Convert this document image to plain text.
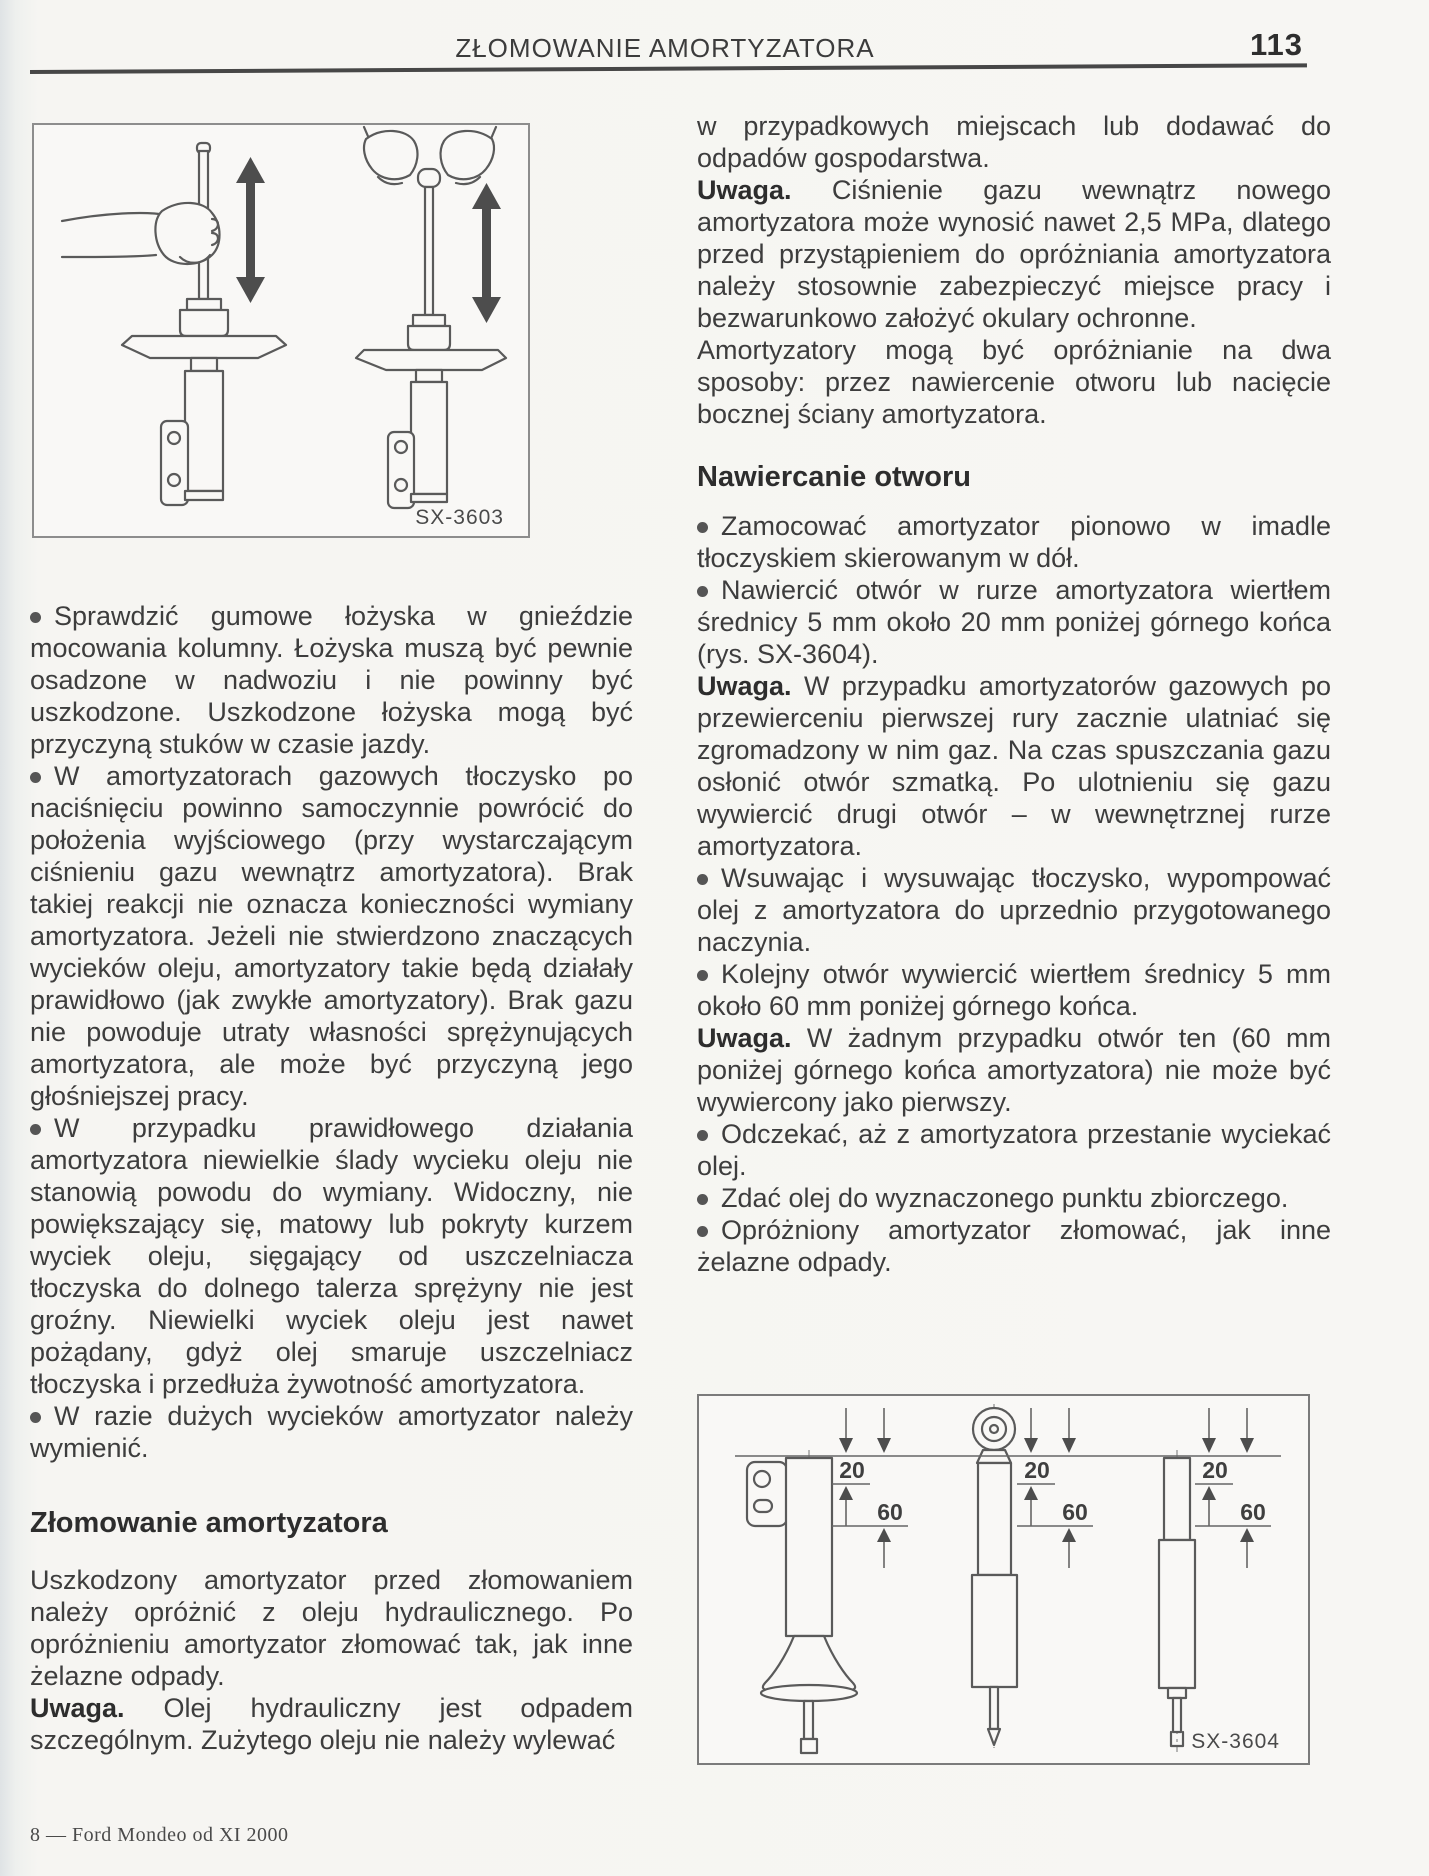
ZŁOMOWANIE AMORTYZATORA	113
SX-3603

Sprawdzić gumowe łożyska w gnieździe mocowania kolumny. Łożyska muszą być pewnie osadzone w nadwoziu i nie powinny być uszkodzone. Uszkodzone łożyska mogą być przyczyną stuków w czasie jazdy.

W amortyzatorach gazowych tłoczysko po naciśnięciu powinno samoczynnie powrócić do położenia wyjściowego (przy wystarczającym ciśnieniu gazu wewnątrz amortyzatora). Brak takiej reakcji nie oznacza konieczności wymiany amortyzatora. Jeżeli nie stwierdzono znaczących wycieków oleju, amortyzatory takie będą działały prawidłowo (jak zwykłe amortyzatory). Brak gazu nie powoduje utraty własności sprężynujących amortyzatora, ale może być przyczyną jego głośniejszej pracy.

W przypadku prawidłowego działania amortyzatora niewielkie ślady wycieku oleju nie stanowią powodu do wymiany. Widoczny, nie powiększający się, matowy lub pokryty kurzem wyciek oleju, sięgający od uszczelniacza tłoczyska do dolnego talerza sprężyny nie jest groźny. Niewielki wyciek oleju jest nawet pożądany, gdyż olej smaruje uszczelniacz tłoczyska i przedłuża żywotność amortyzatora.

W razie dużych wycieków amortyzator należy wymienić.

Złomowanie amortyzatora

Uszkodzony amortyzator przed złomowaniem należy opróżnić z oleju hydraulicznego. Po opróżnieniu amortyzator złomować tak, jak inne żelazne odpady.

Uwaga. Olej hydrauliczny jest odpadem szczególnym. Zużytego oleju nie należy wylewać

w przypadkowych miejscach lub dodawać do odpadów gospodarstwa.

Uwaga. Ciśnienie gazu wewnątrz nowego amortyzatora może wynosić nawet 2,5 MPa, dlatego przed przystąpieniem do opróżniania amortyzatora należy stosownie zabezpieczyć miejsce pracy i bezwarunkowo założyć okulary ochronne.

Amortyzatory mogą być opróżnianie na dwa sposoby: przez nawiercenie otworu lub nacięcie bocznej ściany amortyzatora.

Nawiercanie otworu

Zamocować amortyzator pionowo w imadle tłoczyskiem skierowanym w dół.

Nawiercić otwór w rurze amortyzatora wiertłem średnicy 5 mm około 20 mm poniżej górnego końca (rys. SX-3604).

Uwaga. W przypadku amortyzatorów gazowych po przewierceniu pierwszej rury zacznie ulatniać się zgromadzony w nim gaz. Na czas spuszczania gazu osłonić otwór szmatką. Po ulotnieniu się gazu wywiercić drugi otwór – w wewnętrznej rurze amortyzatora.

Wsuwając i wysuwając tłoczysko, wypompować olej z amortyzatora do uprzednio przygotowanego naczynia.

Kolejny otwór wywiercić wiertłem średnicy 5 mm około 60 mm poniżej górnego końca.

Uwaga. W żadnym przypadku otwór ten (60 mm poniżej górnego końca amortyzatora) nie może być wywiercony jako pierwszy.

Odczekać, aż z amortyzatora przestanie wyciekać olej.

Zdać olej do wyznaczonego punktu zbiorczego.

Opróżniony amortyzator złomować, jak inne żelazne odpady.

20
60
20
60
20
60
SX-3604
8 — Ford Mondeo od XI 2000
